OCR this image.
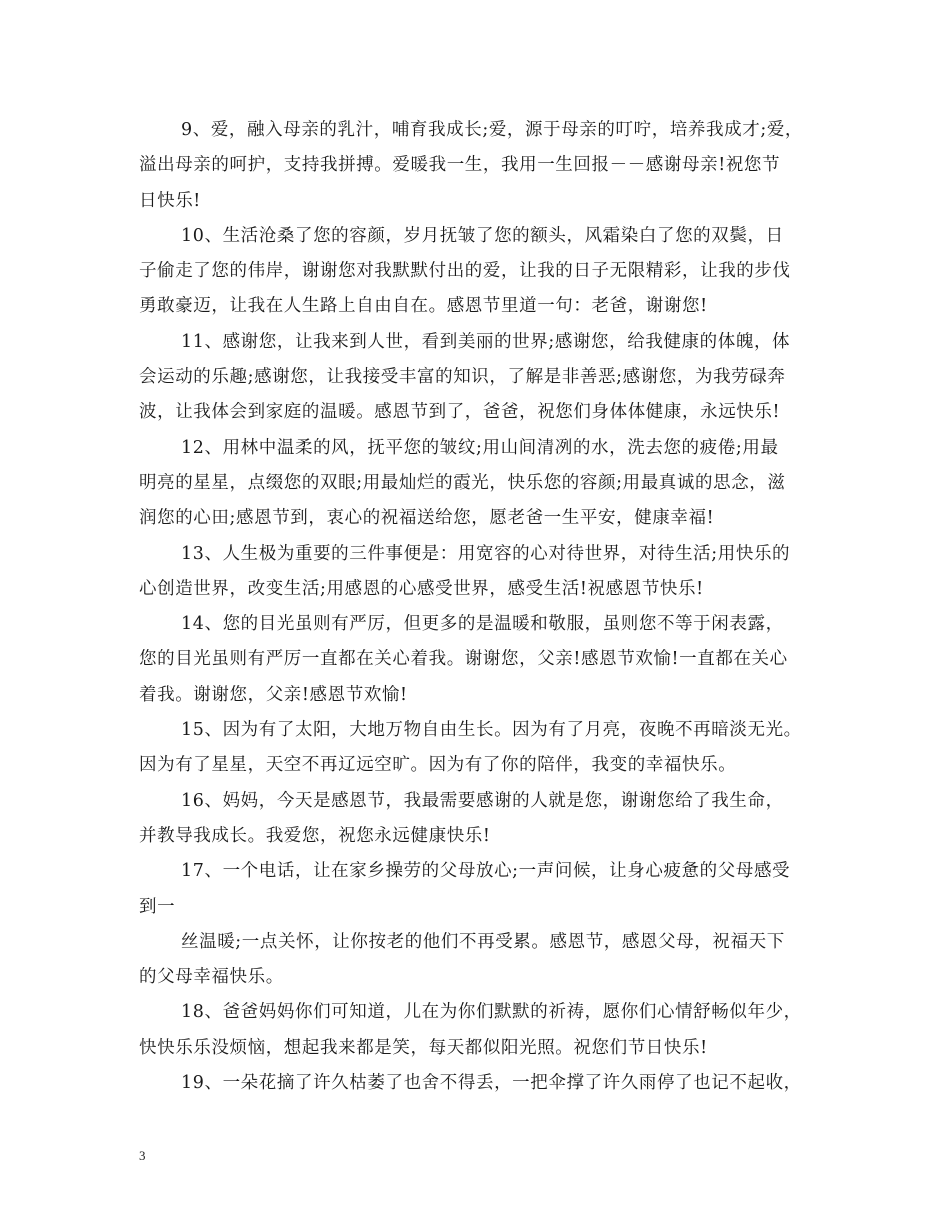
9、爱，融入母亲的乳汁，哺育我成长;爱，源于母亲的叮咛，培养我成才;爱，
溢出母亲的呵护，支持我拼搏。爱暖我一生，我用一生回报－－感谢母亲!祝您节
日快乐!
10、生活沧桑了您的容颜，岁月抚皱了您的额头，风霜染白了您的双鬓，日
子偷走了您的伟岸，谢谢您对我默默付出的爱，让我的日子无限精彩，让我的步伐
勇敢豪迈，让我在人生路上自由自在。感恩节里道一句：老爸，谢谢您!
11、感谢您，让我来到人世，看到美丽的世界;感谢您，给我健康的体魄，体
会运动的乐趣;感谢您，让我接受丰富的知识，了解是非善恶;感谢您，为我劳碌奔
波，让我体会到家庭的温暖。感恩节到了，爸爸，祝您们身体体健康，永远快乐!
12、用林中温柔的风，抚平您的皱纹;用山间清冽的水，洗去您的疲倦;用最
明亮的星星，点缀您的双眼;用最灿烂的霞光，快乐您的容颜;用最真诚的思念，滋
润您的心田;感恩节到，衷心的祝福送给您，愿老爸一生平安，健康幸福!
13、人生极为重要的三件事便是：用宽容的心对待世界，对待生活;用快乐的
心创造世界，改变生活;用感恩的心感受世界，感受生活!祝感恩节快乐!
14、您的目光虽则有严厉，但更多的是温暖和敬服，虽则您不等于闲表露，
您的目光虽则有严厉一直都在关心着我。谢谢您，父亲!感恩节欢愉!一直都在关心
着我。谢谢您，父亲!感恩节欢愉!
15、因为有了太阳，大地万物自由生长。因为有了月亮，夜晚不再暗淡无光。
因为有了星星，天空不再辽远空旷。因为有了你的陪伴，我变的幸福快乐。
16、妈妈，今天是感恩节，我最需要感谢的人就是您，谢谢您给了我生命，
并教导我成长。我爱您，祝您永远健康快乐!
17、一个电话，让在家乡操劳的父母放心;一声问候，让身心疲惫的父母感受
到一
丝温暖;一点关怀，让你按老的他们不再受累。感恩节，感恩父母，祝福天下
的父母幸福快乐。
18、爸爸妈妈你们可知道，儿在为你们默默的祈祷，愿你们心情舒畅似年少，
快快乐乐没烦恼，想起我来都是笑，每天都似阳光照。祝您们节日快乐!
19、一朵花摘了许久枯萎了也舍不得丢，一把伞撑了许久雨停了也记不起收，
3
